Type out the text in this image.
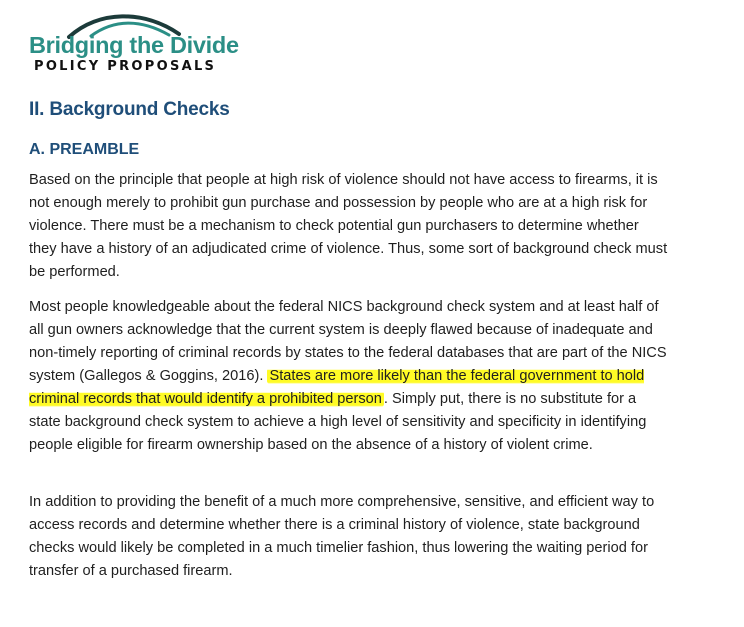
Bridging the Divide
POLICY PROPOSALS
II. Background Checks
A. PREAMBLE

Based on the principle that people at high risk of violence should not have access to firearms, it is not enough merely to prohibit gun purchase and possession by people who are at a high risk for violence. There must be a mechanism to check potential gun purchasers to determine whether they have a history of an adjudicated crime of violence. Thus, some sort of background check must be performed.

Most people knowledgeable about the federal NICS background check system and at least half of all gun owners acknowledge that the current system is deeply flawed because of inadequate and non-timely reporting of criminal records by states to the federal databases that are part of the NICS system (Gallegos & Goggins, 2016). States are more likely than the federal government to hold criminal records that would identify a prohibited person . Simply put, there is no substitute for a state background check system to achieve a high level of sensitivity and specificity in identifying people eligible for firearm ownership based on the absence of a history of violent crime.

In addition to providing the benefit of a much more comprehensive, sensitive, and efficient way to access records and determine whether there is a criminal history of violence, state background checks would likely be completed in a much timelier fashion, thus lowering the waiting period for transfer of a purchased firearm.
